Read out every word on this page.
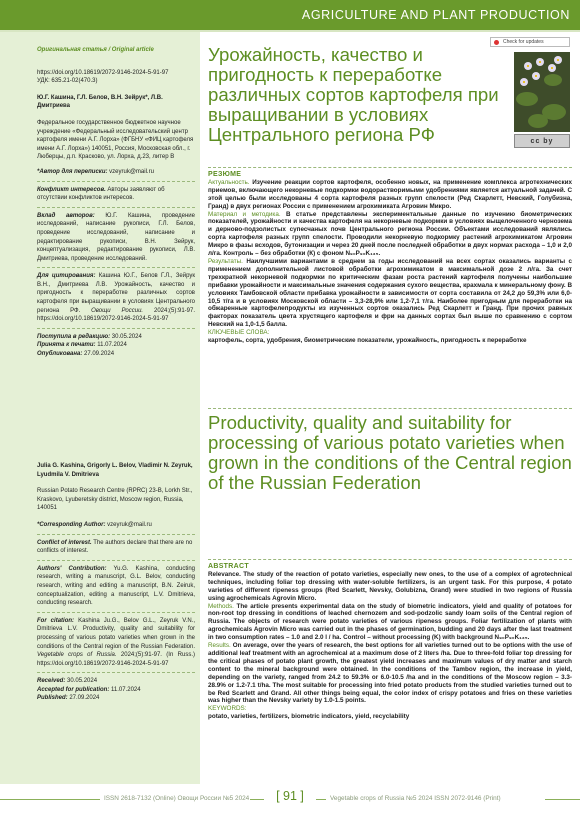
AGRICULTURE AND PLANT PRODUCTION
Оригинальная статья / Original article
https://doi.org/10.18619/2072-9146-2024-5-91-97
УДК: 635.21-02(470.3)
Ю.Г. Кашина, Г.Л. Белов, В.Н. Зейрук*, Л.В. Дмитриева
Федеральное государственное бюджетное научное учреждение «Федеральный исследовательский центр картофеля имени А.Г. Лорха» (ФГБНУ «ФИЦ картофеля имени А.Г. Лорха») 140051, Россия, Московская обл., г. Люберцы, д.п. Красково, ул. Лорха, д.23, литер В
*Автор для переписки: vzeyruk@mail.ru
Конфликт интересов. Авторы заявляют об отсутствии конфликтов интересов.
Вклад авторов: Ю.Г. Кашина, проведение исследований, написание рукописи, Г.Л. Белов, проведение исследований, написание и редактирование рукописи, В.Н. Зейрук, концептуализация, редактирование рукописи, Л.В. Дмитриева, проведение исследований.
Для цитирования: Кашина Ю.Г., Белов Г.Л., Зейрук В.Н., Дмитриева Л.В. Урожайность, качество и пригодность к переработке различных сортов картофеля при выращивании в условиях Центрального региона РФ. Овощи России. 2024;(5):91-97. https://doi.org/10.18619/2072-9146-2024-5-91-97
Поступила в редакцию: 30.05.2024
Принята к печати: 11.07.2024
Опубликована: 27.09.2024
Julia G. Kashina, Grigorly L. Belov, Vladimir N. Zeyruk, Lyudmila V. Dmitrieva
Russian Potato Research Centre (RPRC) 23-B, Lorkh Str., Kraskovo, Lyuberetsky district, Moscow region, Russia, 140051
*Corresponding Author: vzeyruk@mail.ru
Conflict of interest. The authors declare that there are no conflicts of interest.
Authors' Contribution: Yu.G. Kashina, conducting research, writing a manuscript, G.L. Belov, conducting research, writing and editing a manuscript, B.N. Zeiruk, conceptualization, editing a manuscript, L.V. Dmitrieva, conducting research.
For citation: Kashina Ju.G., Belov G.L., Zeyruk V.N., Dmitrieva L.V. Productivity, quality and suitability for processing of various potato varieties when grown in the conditions of the Central region of the Russian Federation. Vegetable crops of Russia. 2024;(5):91-97. (In Russ.) https://doi.org/10.18619/2072-9146-2024-5-91-97
Received: 30.05.2024
Accepted for publication: 11.07.2024
Published: 27.09.2024
Check for updates
cc by
Урожайность, качество и пригодность к переработке различных сортов картофеля при выращивании в условиях Центрального региона РФ
РЕЗЮМЕ
Актуальность. Изучение реакции сортов картофеля, особенно новых, на применение комплекса агротехнических приемов, включающего некорневые подкормки водорастворимыми удобрениями является актуальной задачей. С этой целью были исследованы 4 сорта картофеля разных групп спелости (Ред Скарлетт, Невский, Голубизна, Гранд) в двух регионах России с применением агрохимиката Агровин Микро.
Материал и методика. В статье представлены экспериментальные данные по изучению биометрических показателей, урожайности и качества картофеля на некорневые подкормки в условиях выщелоченного чернозема и дерново-подзолистых супесчаных почв Центрального региона России. Объектами исследований являлись сорта картофеля разных групп спелости. Проводили некорневую подкормку растений агрохимикатом Агровин Микро в фазы всходов, бутонизации и через 20 дней после последней обработки в двух нормах расхода – 1,0 и 2,0 л/га. Контроль – без обработки (К) с фоном N₉₀P₉₀K₁₃₅.
Результаты. Наилучшими вариантами в среднем за годы исследований на всех сортах оказались варианты с применением дополнительной листовой обработки агрохимикатом в максимальной дозе 2 л/га. За счет трехкратной некорневой подкормки по критическим фазам роста растений картофеля получены наибольшие прибавки урожайности и максимальные значения содержания сухого вещества, крахмала к минеральному фону. В условиях Тамбовской области прибавка урожайности в зависимости от сорта составила от 24,2 до 59,3% или 6,0-10,5 т/га и в условиях Московской области – 3,3-28,9% или 1,2-7,1 т/га. Наиболее пригодным для переработки на обжаренные картофелепродукты из изученных сортов оказались Ред Скарлетт и Гранд. При прочих равных факторах показатель цвета хрустящего картофеля и фри на данных сортах был выше по сравнению с сортом Невский на 1,0-1,5 балла.
КЛЮЧЕВЫЕ СЛОВА:
картофель, сорта, удобрения, биометрические показатели, урожайность, пригодность к переработке
Productivity, quality and suitability for processing of various potato varieties when grown in the conditions of the Central region of the Russian Federation
ABSTRACT
Relevance. The study of the reaction of potato varieties, especially new ones, to the use of a complex of agrotechnical techniques, including foliar top dressing with water-soluble fertilizers, is an urgent task. For this purpose, 4 potato varieties of different ripeness groups (Red Scarlett, Nevsky, Golubizna, Grand) were studied in two regions of Russia using agrochemicals Agrovin Micro.
Methods. The article presents experimental data on the study of biometric indicators, yield and quality of potatoes for non-root top dressing in conditions of leached chernozem and sod-podzolic sandy loam soils of the Central region of Russia. The objects of research were potato varieties of various ripeness groups. Foliar fertilization of plants with agrochemicals Agrovin Micro was carried out in the phases of germination, budding and 20 days after the last treatment in two consumption rates – 1.0 and 2.0 l / ha. Control – without processing (K) with background N₉₀P₉₀K₁₃₅.
Results. On average, over the years of research, the best options for all varieties turned out to be options with the use of additional leaf treatment with an agrochemical at a maximum dose of 2 liters /ha. Due to three-fold foliar top dressing for the critical phases of potato plant growth, the greatest yield increases and maximum values of dry matter and starch content to the mineral background were obtained. In the conditions of the Tambov region, the increase in yield, depending on the variety, ranged from 24.2 to 59.3% or 6.0-10.5 /ha and in the conditions of the Moscow region – 3.3-28.9% or 1.2-7.1 t/ha. The most suitable for processing into fried potato products from the studied varieties turned out to be Red Scarlett and Grand. All other things being equal, the color index of crispy potatoes and fries on these varieties was higher than the Nevsky variety by 1.0-1.5 points.
KEYWORDS:
potato, varieties, fertilizers, biometric indicators, yield, recyclability
ISSN 2618-7132 (Online) Овощи России №5 2024	[ 91 ]	Vegetable crops of Russia №5 2024 ISSN 2072-9146 (Print)
